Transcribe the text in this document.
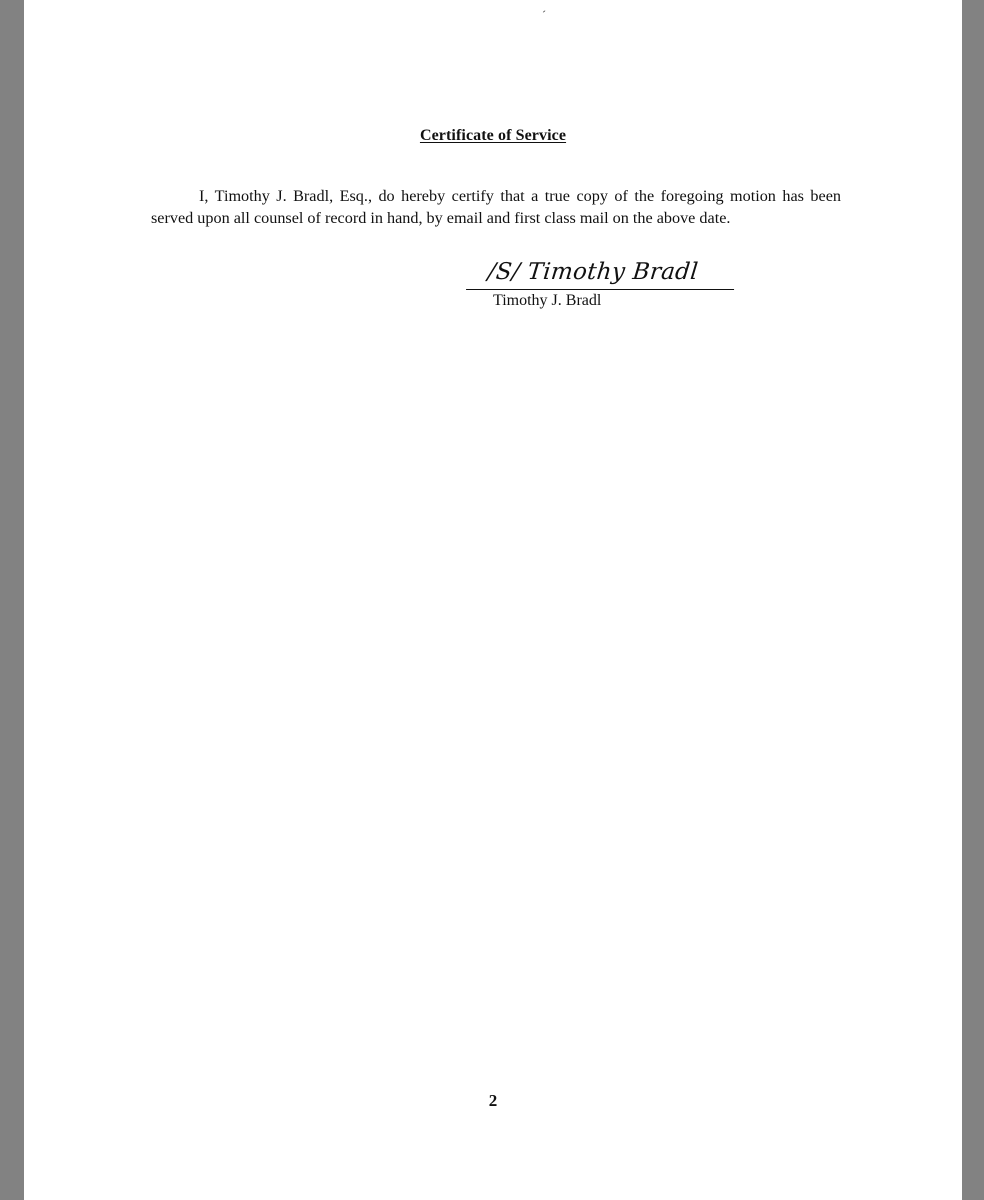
´
Certificate of Service

I, Timothy J. Bradl, Esq., do hereby certify that a true copy of the foregoing motion has been served upon all counsel of record in hand, by email and first class mail on the above date.

/S/ Timothy Bradl
Timothy J. Bradl
2
